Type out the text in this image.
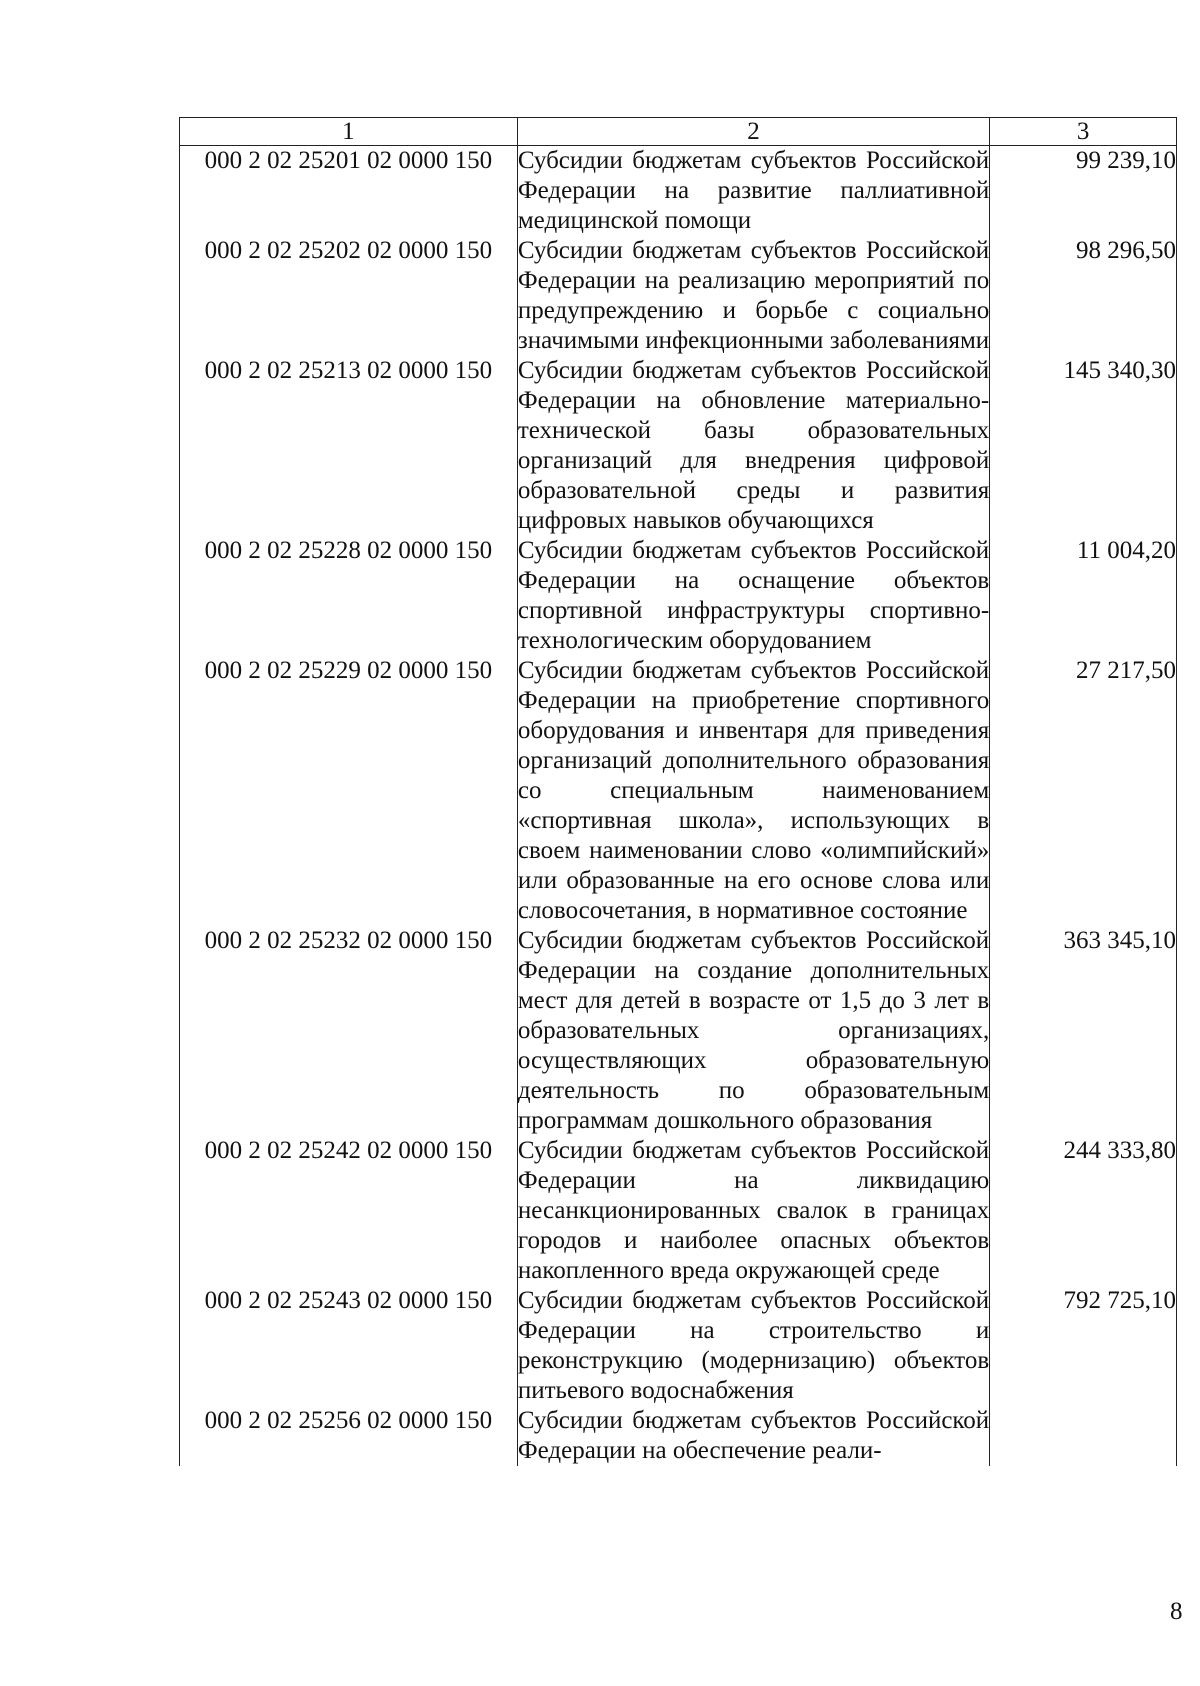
1	2	3
000 2 02 25201 02 0000 150	Субсидии бюджетам субъектов Российской Федерации на развитие паллиативной медицинской помощи	99 239,10
000 2 02 25202 02 0000 150	Субсидии бюджетам субъектов Российской Федерации на реализацию мероприятий по предупреждению и борьбе с социально значимыми инфекционными заболеваниями	98 296,50
000 2 02 25213 02 0000 150	Субсидии бюджетам субъектов Российской Федерации на обновление материально-технической базы образовательных организаций для внедрения цифровой образовательной среды и развития цифровых навыков обучающихся	145 340,30
000 2 02 25228 02 0000 150	Субсидии бюджетам субъектов Российской Федерации на оснащение объектов спортивной инфраструктуры спортивно-технологическим оборудованием	11 004,20
000 2 02 25229 02 0000 150	Субсидии бюджетам субъектов Российской Федерации на приобретение спортивного оборудования и инвентаря для приведения организаций дополнительного образования со специальным наименованием «спортивная школа», использующих в своем наименовании слово «олимпийский» или образованные на его основе слова или словосочетания, в нормативное состояние	27 217,50
000 2 02 25232 02 0000 150	Субсидии бюджетам субъектов Российской Федерации на создание дополнительных мест для детей в возрасте от 1,5 до 3 лет в образовательных организациях, осуществляющих образовательную деятельность по образовательным программам дошкольного образования	363 345,10
000 2 02 25242 02 0000 150	Субсидии бюджетам субъектов Российской Федерации на ликвидацию несанкционированных свалок в границах городов и наиболее опасных объектов накопленного вреда окружающей среде	244 333,80
000 2 02 25243 02 0000 150	Субсидии бюджетам субъектов Российской Федерации на строительство и реконструкцию (модернизацию) объектов питьевого водоснабжения	792 725,10
000 2 02 25256 02 0000 150	Субсидии бюджетам субъектов Российской Федерации на обеспечение реали-	
8
